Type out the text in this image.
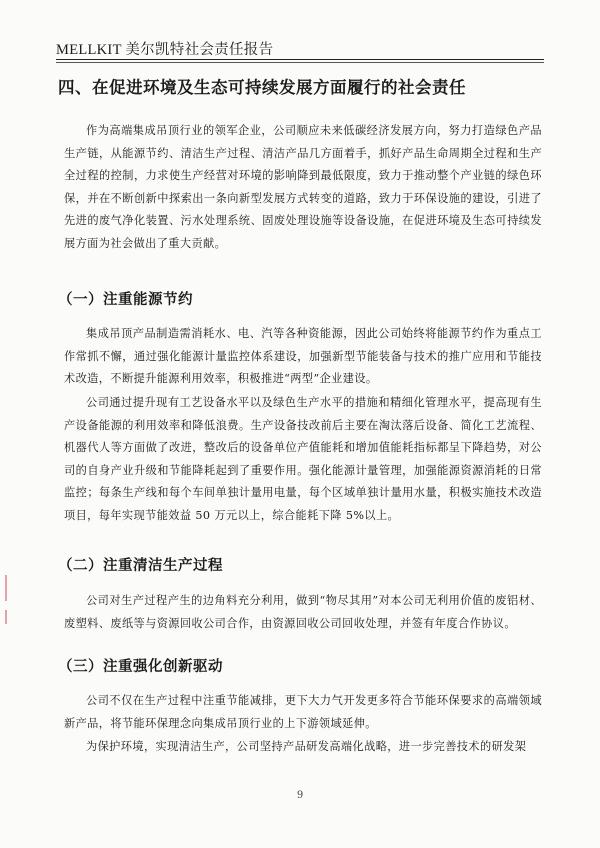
MELLKIT 美尔凯特社会责任报告
四、在促进环境及生态可持续发展方面履行的社会责任
作为高端集成吊顶行业的领军企业，公司顺应未来低碳经济发展方向，努力打造绿色产品生产链，从能源节约、清洁生产过程、清洁产品几方面着手，抓好产品生命周期全过程和生产全过程的控制，力求使生产经营对环境的影响降到最低限度，致力于推动整个产业链的绿色环保，并在不断创新中探索出一条向新型发展方式转变的道路，致力于环保设施的建设，引进了先进的废气净化装置、污水处理系统、固废处理设施等设备设施，在促进环境及生态可持续发展方面为社会做出了重大贡献。
（一）注重能源节约
集成吊顶产品制造需消耗水、电、汽等各种资能源，因此公司始终将能源节约作为重点工作常抓不懈，通过强化能源计量监控体系建设，加强新型节能装备与技术的推广应用和节能技术改造，不断提升能源利用效率，积极推进“两型”企业建设。
公司通过提升现有工艺设备水平以及绿色生产水平的措施和精细化管理水平，提高现有生产设备能源的利用效率和降低浪费。生产设备技改前后主要在淘汰落后设备、简化工艺流程、机器代人等方面做了改进，整改后的设备单位产值能耗和增加值能耗指标都呈下降趋势，对公司的自身产业升级和节能降耗起到了重要作用。强化能源计量管理，加强能源资源消耗的日常监控；每条生产线和每个车间单独计量用电量，每个区域单独计量用水量，积极实施技术改造项目，每年实现节能效益 50 万元以上，综合能耗下降 5%以上。
（二）注重清洁生产过程
公司对生产过程产生的边角料充分利用，做到“物尽其用”对本公司无利用价值的废铝材、废塑料、废纸等与资源回收公司合作，由资源回收公司回收处理，并签有年度合作协议。
（三）注重强化创新驱动
公司不仅在生产过程中注重节能减排，更下大力气开发更多符合节能环保要求的高端领域新产品，将节能环保理念向集成吊顶行业的上下游领域延伸。
为保护环境，实现清洁生产，公司坚持产品研发高端化战略，进一步完善技术的研发架
9
